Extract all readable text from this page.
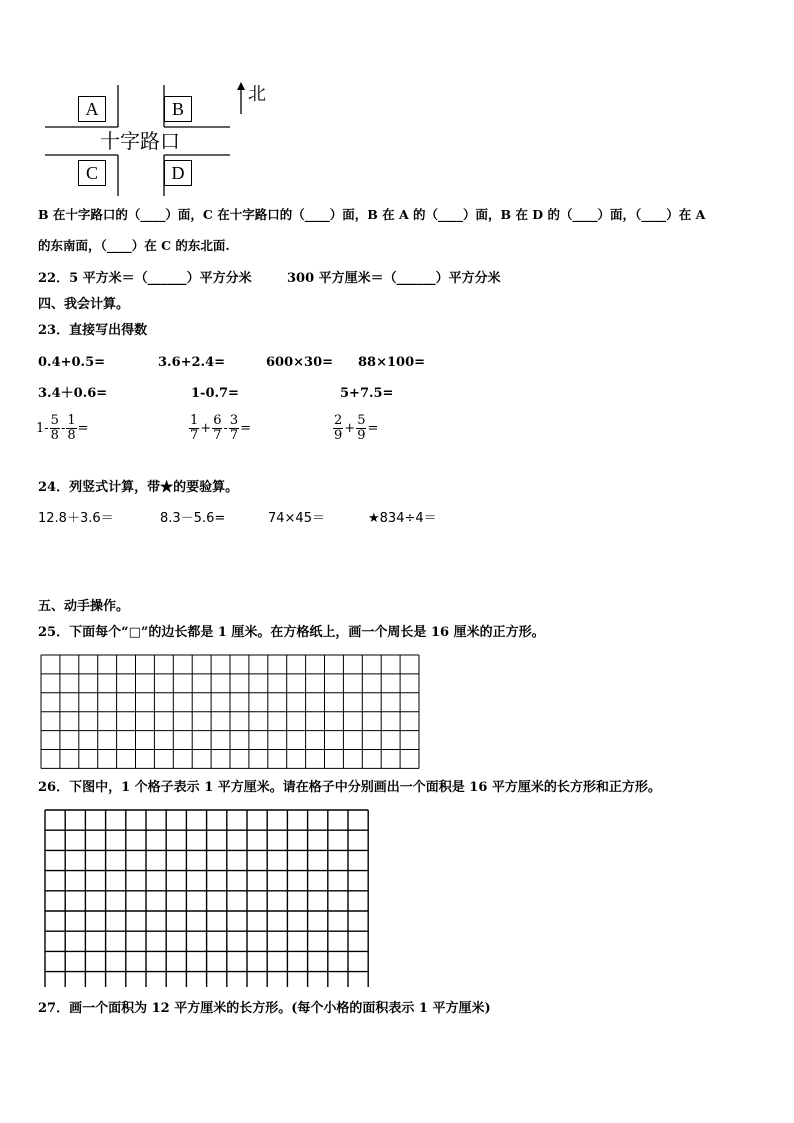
十字路口
北
A	B
C	D
B 在十字路口的（____）面，C 在十字路口的（____）面，B 在 A 的（____）面，B 在 D 的（____）面，（____）在 A
的东南面，（____）在 C 的东北面.
22．5 平方米＝（______）平方分米	300 平方厘米＝（______）平方分米
四、我会计算。
23．直接写出得数
0.4+0.5=	3.6+2.4=	600×30= 88×100=
3.4＋0.6=	1-0.7=	5+7.5=
$1- \frac{5}{8} - \frac{1}{8}$ =	$\frac{1}{7} + \frac{6}{7} - \frac{3}{7}$ =	$\frac{2}{9} + \frac{5}{9}$ =
24．列竖式计算，带★的要验算。
12.8＋3.6＝	8.3－5.6=	74×45＝	★834÷4＝
五、动手操作。
25．下面每个“□”的边长都是 1 厘米。在方格纸上，画一个周长是 16 厘米的正方形。
26．下图中，1 个格子表示 1 平方厘米。请在格子中分别画出一个面积是 16 平方厘米的长方形和正方形。
27．画一个面积为 12 平方厘米的长方形。(每个小格的面积表示 1 平方厘米)
